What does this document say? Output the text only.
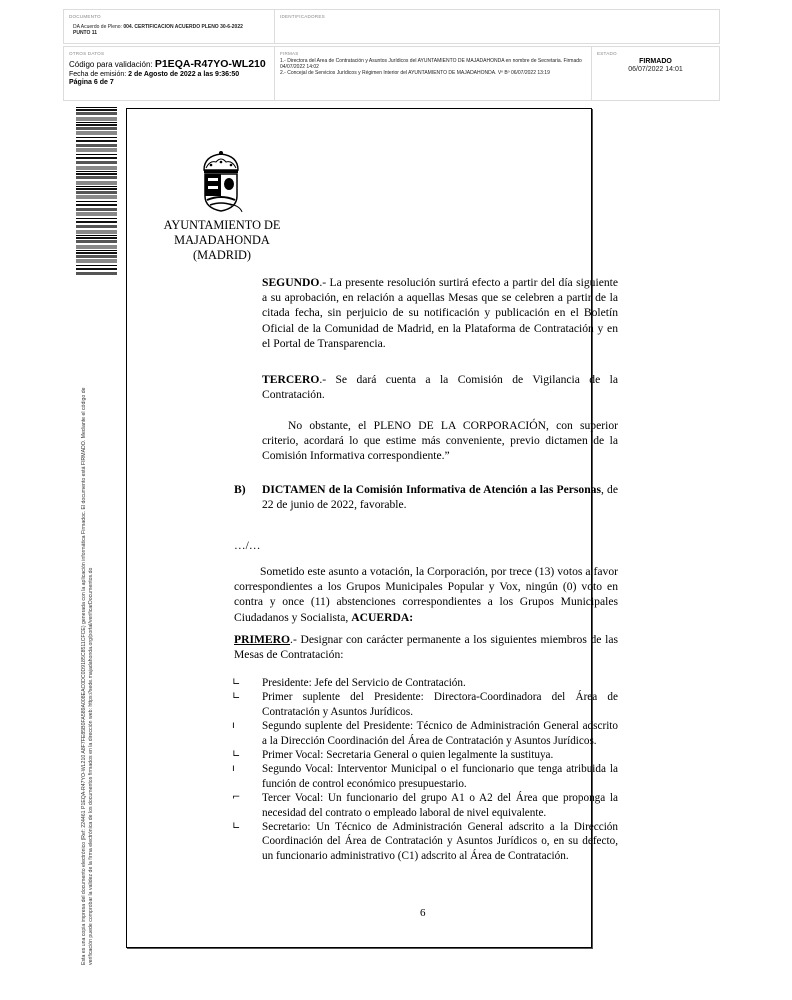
DOCUMENTO
DA Acuerdo de Pleno: 004. CERTIFICACION ACUERDO PLENO 30-6-2022
PUNTO 11
IDENTIFICADORES
OTROS DATOS
Código para validación: P1EQA-R47YO-WL210
Fecha de emisión: 2 de Agosto de 2022 a las 9:36:50
Página 6 de 7
FIRMAS
1.- Directora del Area de Contratación y Asuntos Jurídicos del AYUNTAMIENTO DE MAJADAHONDA en nombre de Secretaria. Firmado 04/07/2022 14:02
2.- Concejal de Servicios Jurídicos y Régimen Interior del AYUNTAMIENTO DE MAJADAHONDA. Vº Bº 06/07/2022 13:19
ESTADO
FIRMADO
06/07/2022 14:01
Esta es una copia impresa del documento electrónico (Ref: 224461 P1EQA-R47YO-WL210 A8F7FE85B0FA589A008EAC0DC0D9185C8511CFCE) generada con la aplicación informática Firmadoc. El documento está FIRMADO. Mediante el código de verificación puede comprobar la validez de la firma electrónica de los documentos firmados en la dirección web: https://sede.majadahonda.org/portal/verificarDocumentos.do
AYUNTAMIENTO DE
MAJADAHONDA
(MADRID)
SEGUNDO.- La presente resolución surtirá efecto a partir del día siguiente a su aprobación, en relación a aquellas Mesas que se celebren a partir de la citada fecha, sin perjuicio de su notificación y publicación en el Boletín Oficial de la Comunidad de Madrid, en la Plataforma de Contratación y en el Portal de Transparencia.
TERCERO.- Se dará cuenta a la Comisión de Vigilancia de la Contratación.
No obstante, el PLENO DE LA CORPORACIÓN, con superior criterio, acordará lo que estime más conveniente, previo dictamen de la Comisión Informativa correspondiente.”
B) DICTAMEN de la Comisión Informativa de Atención a las Personas, de 22 de junio de 2022, favorable.
…/…
Sometido este asunto a votación, la Corporación, por trece (13) votos a favor correspondientes a los Grupos Municipales Popular y Vox, ningún (0) voto en contra y once (11) abstenciones correspondientes a los Grupos Municipales Ciudadanos y Socialista, ACUERDA:
PRIMERO.- Designar con carácter permanente a los siguientes miembros de las Mesas de Contratación:
∟ Presidente: Jefe del Servicio de Contratación.
∟ Primer suplente del Presidente: Directora-Coordinadora del Área de Contratación y Asuntos Jurídicos.
ı Segundo suplente del Presidente: Técnico de Administración General adscrito a la Dirección Coordinación del Área de Contratación y Asuntos Jurídicos.
∟ Primer Vocal: Secretaria General o quien legalmente la sustituya.
ı Segundo Vocal: Interventor Municipal o el funcionario que tenga atribuida la función de control económico presupuestario.
⌐ Tercer Vocal: Un funcionario del grupo A1 o A2 del Área que proponga la necesidad del contrato o empleado laboral de nivel equivalente.
∟ Secretario: Un Técnico de Administración General adscrito a la Dirección Coordinación del Área de Contratación y Asuntos Jurídicos o, en su defecto, un funcionario administrativo (C1) adscrito al Área de Contratación.
6
